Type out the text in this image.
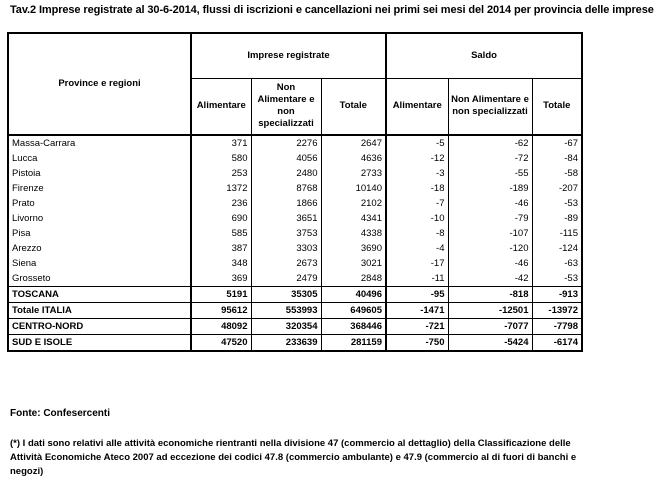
Tav.2 Imprese registrate al 30-6-2014, flussi di iscrizioni e cancellazioni nei primi sei mesi del 2014 per provincia delle imprese
Province e regioni	Imprese registrate			Saldo		
	Alimentare	Non Alimentare e non specializzati	Totale	Alimentare	Non Alimentare e non specializzati	Totale
Massa-Carrara	371	2276	2647	-5	-62	-67
Lucca	580	4056	4636	-12	-72	-84
Pistoia	253	2480	2733	-3	-55	-58
Firenze	1372	8768	10140	-18	-189	-207
Prato	236	1866	2102	-7	-46	-53
Livorno	690	3651	4341	-10	-79	-89
Pisa	585	3753	4338	-8	-107	-115
Arezzo	387	3303	3690	-4	-120	-124
Siena	348	2673	3021	-17	-46	-63
Grosseto	369	2479	2848	-11	-42	-53
TOSCANA	5191	35305	40496	-95	-818	-913
Totale ITALIA	95612	553993	649605	-1471	-12501	-13972
CENTRO-NORD	48092	320354	368446	-721	-7077	-7798
SUD E ISOLE	47520	233639	281159	-750	-5424	-6174
Fonte: Confesercenti
(*) I dati sono relativi alle attività economiche rientranti nella divisione 47 (commercio al dettaglio) della Classificazione delle Attività Economiche Ateco 2007 ad eccezione dei codici 47.8 (commercio ambulante) e 47.9 (commercio al di fuori di banchi e negozi)
